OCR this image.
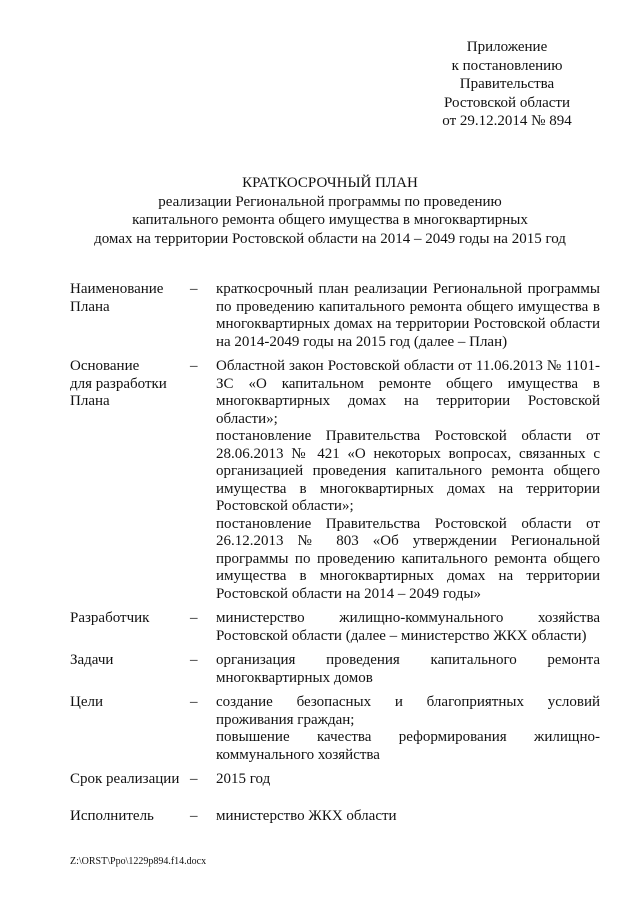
Приложение
к постановлению
Правительства
Ростовской области
от 29.12.2014 № 894
КРАТКОСРОЧНЫЙ ПЛАН
реализации Региональной программы по проведению
капитального ремонта общего имущества в многоквартирных
домах на территории Ростовской области на 2014 – 2049 годы на 2015 год
Наименование
Плана
–	краткосрочный план реализации Региональной программы по проведению капитального ремонта общего имущества в многоквартирных домах на территории Ростовской области на 2014-2049 годы на 2015 год (далее – План)

Основание
для разработки
Плана
–	Областной закон Ростовской области от 11.06.2013 № 1101-ЗС «О капитальном ремонте общего имущества в многоквартирных домах на территории Ростовской области»;

постановление Правительства Ростовской области от 28.06.2013 № 421 «О некоторых вопросах, связанных с организацией проведения капитального ремонта общего имущества в многоквартирных домах на территории Ростовской области»;

постановление Правительства Ростовской области от 26.12.2013 № 803 «Об утверждении Региональной программы по проведению капитального ремонта общего имущества в многоквартирных домах на территории Ростовской области на 2014 – 2049 годы»

Разработчик	–	министерство жилищно-коммунального хозяйства Ростовской области (далее – министерство ЖКХ области)

Задачи	–	организация проведения капитального ремонта многоквартирных домов

Цели	–	создание безопасных и благоприятных условий проживания граждан;

повышение качества реформирования жилищно-коммунального хозяйства

Срок реализации –	2015 год

Исполнитель	–	министерство ЖКХ области

Z:\ORST\Ppo\1229p894.f14.docx
